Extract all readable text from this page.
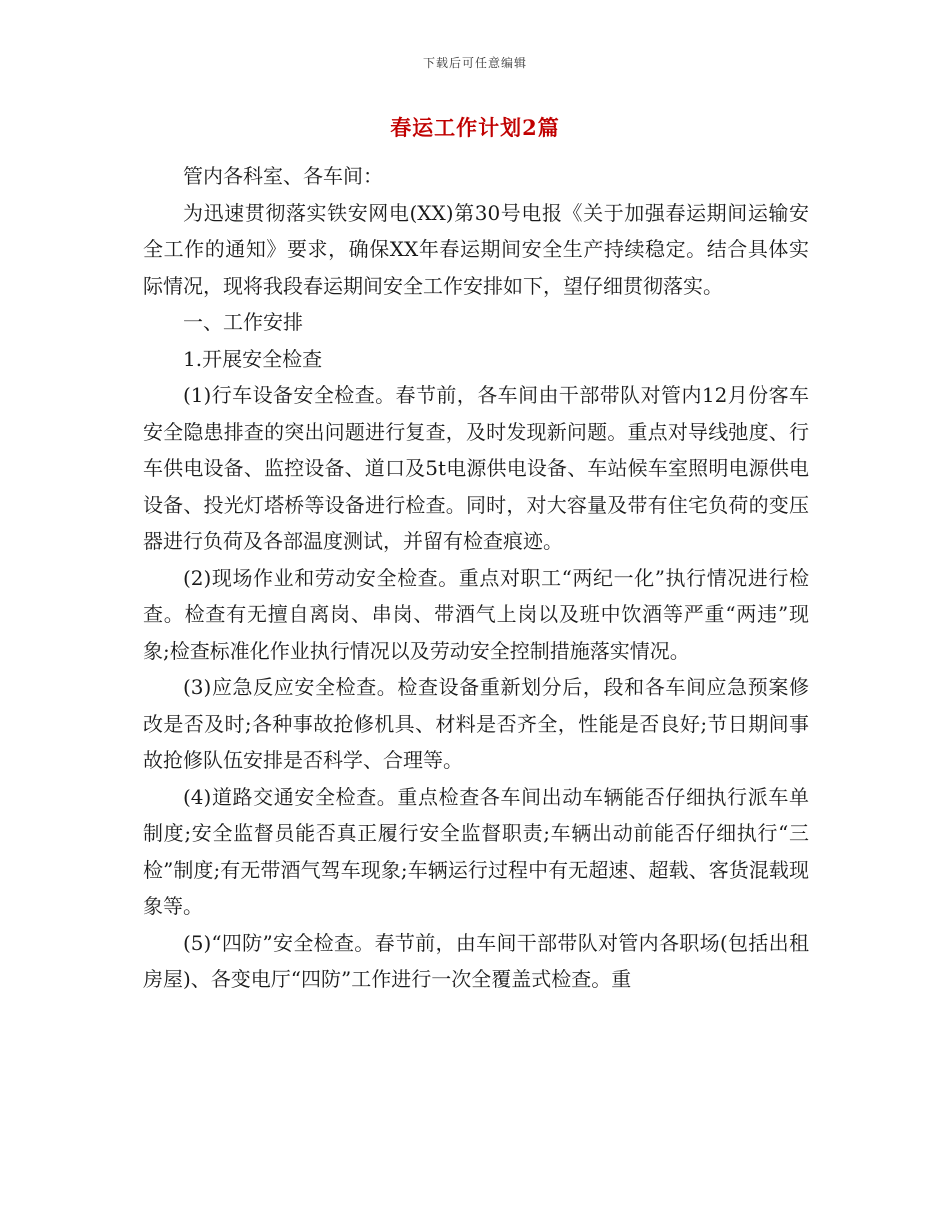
下载后可任意编辑
春运工作计划2篇

管内各科室、各车间：

为迅速贯彻落实铁安网电(XX)第30号电报《关于加强春运期间运输安全工作的通知》要求，确保XX年春运期间安全生产持续稳定。结合具体实际情况，现将我段春运期间安全工作安排如下，望仔细贯彻落实。

一、工作安排

1.开展安全检查

(1)行车设备安全检查。春节前，各车间由干部带队对管内12月份客车安全隐患排查的突出问题进行复查，及时发现新问题。重点对导线弛度、行车供电设备、监控设备、道口及5t电源供电设备、车站候车室照明电源供电设备、投光灯塔桥等设备进行检查。同时，对大容量及带有住宅负荷的变压器进行负荷及各部温度测试，并留有检查痕迹。

(2)现场作业和劳动安全检查。重点对职工“两纪一化”执行情况进行检查。检查有无擅自离岗、串岗、带酒气上岗以及班中饮酒等严重“两违”现象;检查标准化作业执行情况以及劳动安全控制措施落实情况。

(3)应急反应安全检查。检查设备重新划分后，段和各车间应急预案修改是否及时;各种事故抢修机具、材料是否齐全，性能是否良好;节日期间事故抢修队伍安排是否科学、合理等。

(4)道路交通安全检查。重点检查各车间出动车辆能否仔细执行派车单制度;安全监督员能否真正履行安全监督职责;车辆出动前能否仔细执行“三检”制度;有无带酒气驾车现象;车辆运行过程中有无超速、超载、客货混载现象等。

(5)“四防”安全检查。春节前，由车间干部带队对管内各职场(包括出租房屋)、各变电厅“四防”工作进行一次全覆盖式检查。重
